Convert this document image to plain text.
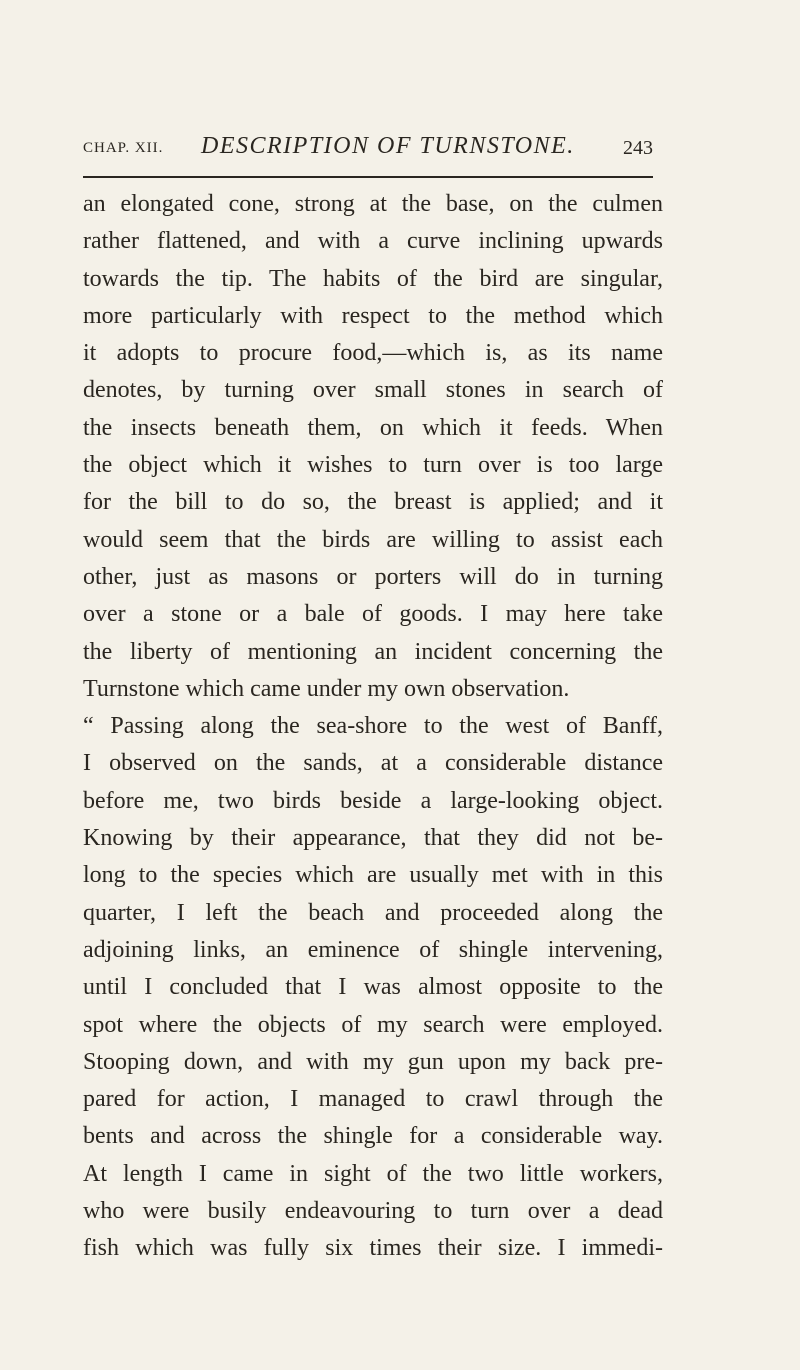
CHAP. XII. DESCRIPTION OF TURNSTONE. 243
an elongated cone, strong at the base, on the culmen
rather flattened, and with a curve inclining upwards
towards the tip. The habits of the bird are singular,
more particularly with respect to the method which
it adopts to procure food,—which is, as its name
denotes, by turning over small stones in search of
the insects beneath them, on which it feeds. When
the object which it wishes to turn over is too large
for the bill to do so, the breast is applied; and it
would seem that the birds are willing to assist each
other, just as masons or porters will do in turning
over a stone or a bale of goods. I may here take
the liberty of mentioning an incident concerning the
Turnstone which came under my own observation.
“ Passing along the sea-shore to the west of Banff,
I observed on the sands, at a considerable distance
before me, two birds beside a large-looking object.
Knowing by their appearance, that they did not be-
long to the species which are usually met with in this
quarter, I left the beach and proceeded along the
adjoining links, an eminence of shingle intervening,
until I concluded that I was almost opposite to the
spot where the objects of my search were employed.
Stooping down, and with my gun upon my back pre-
pared for action, I managed to crawl through the
bents and across the shingle for a considerable way.
At length I came in sight of the two little workers,
who were busily endeavouring to turn over a dead
fish which was fully six times their size. I immedi-
